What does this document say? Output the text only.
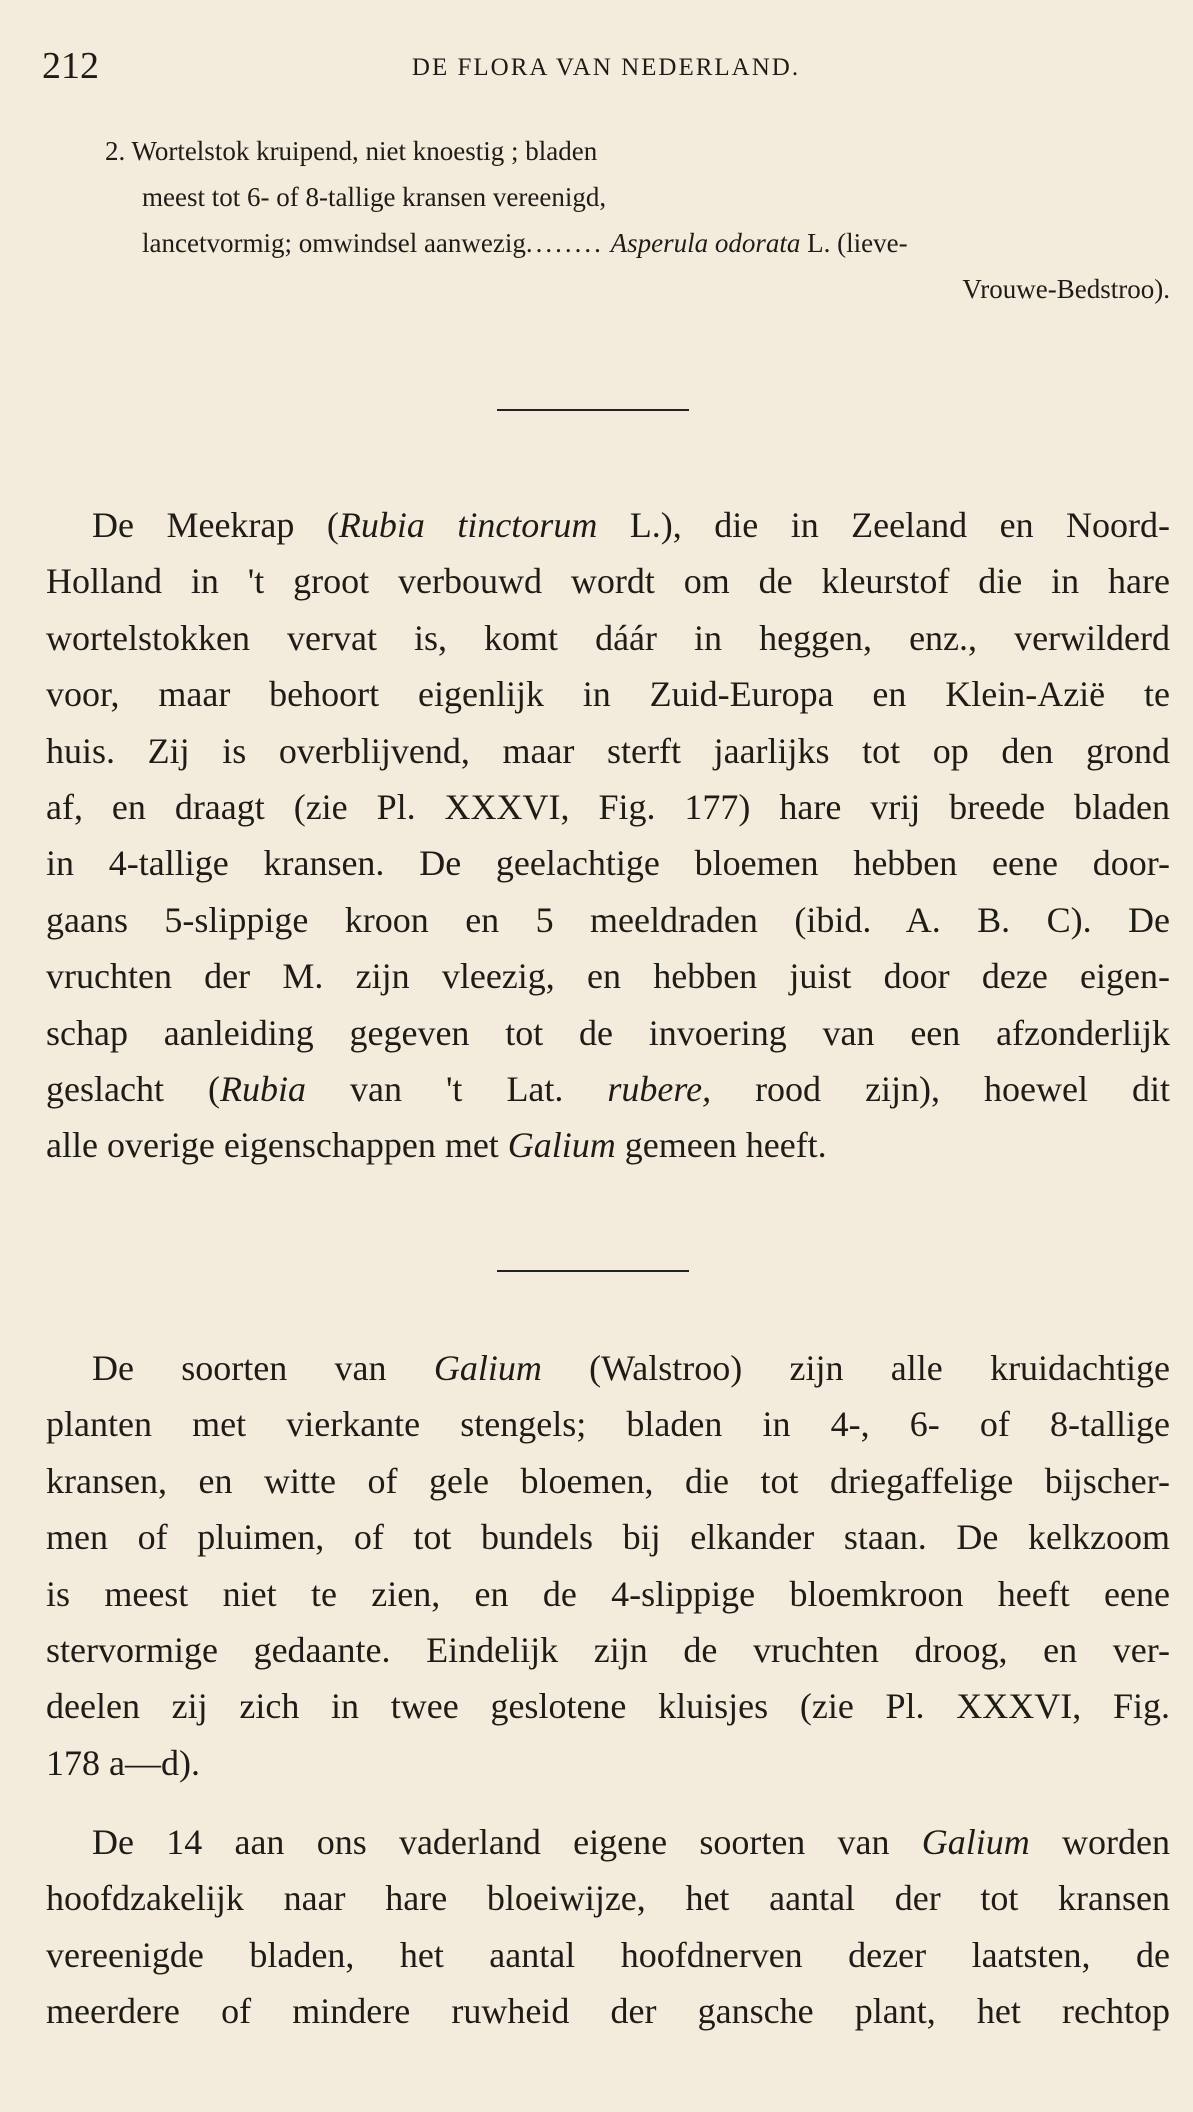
212	DE FLORA VAN NEDERLAND.
2. Wortelstok kruipend, niet knoestig ; bladen
meest tot 6- of 8-tallige kransen vereenigd,
lancetvormig; omwindsel aanwezig........ Asperula odorata L. (lieve-
Vrouwe-Bedstroo).
De Meekrap (Rubia tinctorum L.), die in Zeeland en Noord-
Holland in 't groot verbouwd wordt om de kleurstof die in hare
wortelstokken vervat is, komt dáár in heggen, enz., verwilderd
voor, maar behoort eigenlijk in Zuid-Europa en Klein-Azië te
huis. Zij is overblijvend, maar sterft jaarlijks tot op den grond
af, en draagt (zie Pl. XXXVI, Fig. 177) hare vrij breede bladen
in 4-tallige kransen. De geelachtige bloemen hebben eene door-
gaans 5-slippige kroon en 5 meeldraden (ibid. A. B. C). De
vruchten der M. zijn vleezig, en hebben juist door deze eigen-
schap aanleiding gegeven tot de invoering van een afzonderlijk
geslacht (Rubia van 't Lat. rubere, rood zijn), hoewel dit
alle overige eigenschappen met Galium gemeen heeft.
De soorten van Galium (Walstroo) zijn alle kruidachtige
planten met vierkante stengels; bladen in 4-, 6- of 8-tallige
kransen, en witte of gele bloemen, die tot driegaffelige bijscher-
men of pluimen, of tot bundels bij elkander staan. De kelkzoom
is meest niet te zien, en de 4-slippige bloemkroon heeft eene
stervormige gedaante. Eindelijk zijn de vruchten droog, en ver-
deelen zij zich in twee geslotene kluisjes (zie Pl. XXXVI, Fig.
178 a—d).
De 14 aan ons vaderland eigene soorten van Galium worden
hoofdzakelijk naar hare bloeiwijze, het aantal der tot kransen
vereenigde bladen, het aantal hoofdnerven dezer laatsten, de
meerdere of mindere ruwheid der gansche plant, het rechtop
